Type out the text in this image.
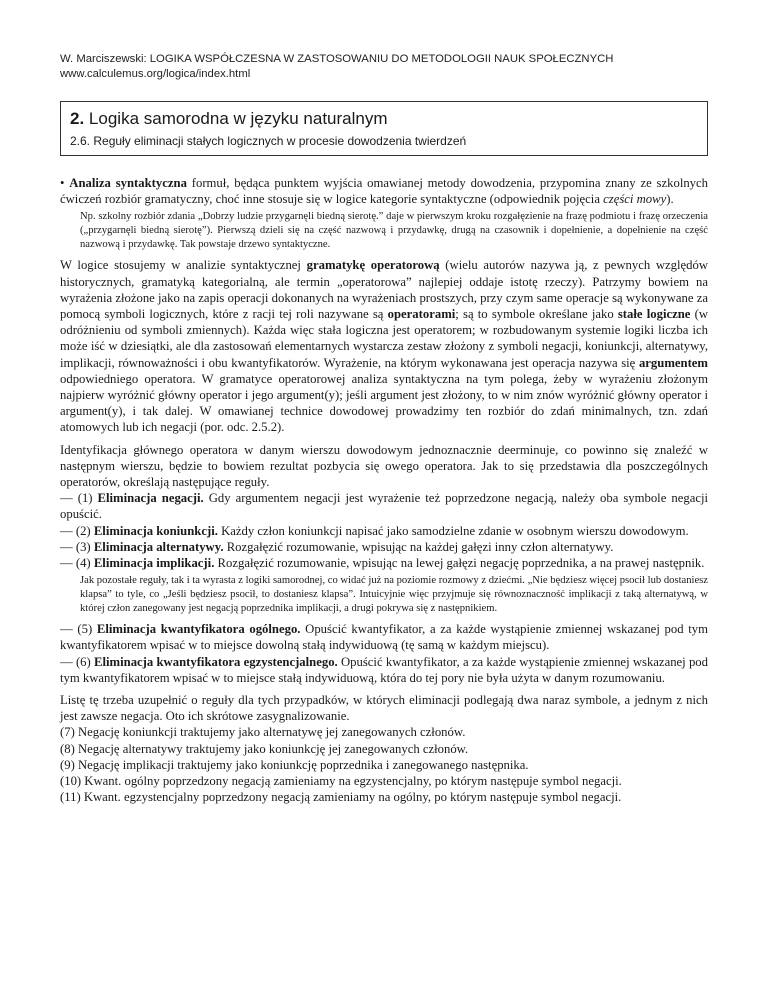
W. Marciszewski: LOGIKA WSPÓŁCZESNA W ZASTOSOWANIU DO METODOLOGII NAUK SPOŁECZNYCH
www.calculemus.org/logica/index.html
2. Logika samorodna w języku naturalnym
2.6. Reguły eliminacji stałych logicznych w procesie dowodzenia twierdzeń

• Analiza syntaktyczna formuł, będąca punktem wyjścia omawianej metody dowodzenia, przypomina znany ze szkolnych ćwiczeń rozbiór gramatyczny, choć inne stosuje się w logice kategorie syntaktyczne (odpowiednik pojęcia części mowy).

Np. szkolny rozbiór zdania „Dobrzy ludzie przygarnęli biedną sierotę.” daje w pierwszym kroku rozgałęzienie na frazę podmiotu i frazę orzeczenia („przygarnęli biedną sierotę”). Pierwszą dzieli się na część nazwową i przydawkę, drugą na czasownik i dopełnienie, a dopełnienie na część nazwową i przydawkę. Tak powstaje drzewo syntaktyczne.

W logice stosujemy w analizie syntaktycznej gramatykę operatorową (wielu autorów nazywa ją, z pewnych względów historycznych, gramatyką kategorialną, ale termin „operatorowa” najlepiej oddaje istotę rzeczy). Patrzymy bowiem na wyrażenia złożone jako na zapis operacji dokonanych na wyrażeniach prostszych, przy czym same operacje są wykonywane za pomocą symboli logicznych, które z racji tej roli nazywane są operatorami; są to symbole określane jako stałe logiczne (w odróżnieniu od symboli zmiennych). Każda więc stała logiczna jest operatorem; w rozbudowanym systemie logiki liczba ich może iść w dziesiątki, ale dla zastosowań elementarnych wystarcza zestaw złożony z symboli negacji, koniunkcji, alternatywy, implikacji, równoważności i obu kwantyfikatorów. Wyrażenie, na którym wykonawana jest operacja nazywa się argumentem odpowiedniego operatora. W gramatyce operatorowej analiza syntaktyczna na tym polega, żeby w wyrażeniu złożonym najpierw wyróżnić główny operator i jego argument(y); jeśli argument jest złożony, to w nim znów wyróżnić główny operator i argument(y), i tak dalej. W omawianej technice dowodowej prowadzimy ten rozbiór do zdań minimalnych, tzn. zdań atomowych lub ich negacji (por. odc. 2.5.2).

Identyfikacja głównego operatora w danym wierszu dowodowym jednoznacznie deerminuje, co powinno się znaleźć w następnym wierszu, będzie to bowiem rezultat pozbycia się owego operatora. Jak to się przedstawia dla poszczególnych operatorów, określają następujące reguły.

— (1) Eliminacja negacji. Gdy argumentem negacji jest wyrażenie też poprzedzone negacją, należy oba symbole negacji opuścić.

— (2) Eliminacja koniunkcji. Każdy człon koniunkcji napisać jako samodzielne zdanie w osobnym wierszu dowodowym.

— (3) Eliminacja alternatywy. Rozgałęzić rozumowanie, wpisując na każdej gałęzi inny człon alternatywy.

— (4) Eliminacja implikacji. Rozgałęzić rozumowanie, wpisując na lewej gałęzi negację poprzednika, a na prawej następnik.

Jak pozostałe reguły, tak i ta wyrasta z logiki samorodnej, co widać już na poziomie rozmowy z dziećmi. „Nie będziesz więcej psocił lub dostaniesz klapsa” to tyle, co „Jeśli będziesz psocił, to dostaniesz klapsa”. Intuicyjnie więc przyjmuje się równoznaczność implikacji z taką alternatywą, w której człon zanegowany jest negacją poprzednika implikacji, a drugi pokrywa się z następnikiem.

— (5) Eliminacja kwantyfikatora ogólnego. Opuścić kwantyfikator, a za każde wystąpienie zmiennej wskazanej pod tym kwantyfikatorem wpisać w to miejsce dowolną stałą indywiduową (tę samą w każdym miejscu).

— (6) Eliminacja kwantyfikatora egzystencjalnego. Opuścić kwantyfikator, a za każde wystąpienie zmiennej wskazanej pod tym kwantyfikatorem wpisać w to miejsce stałą indywiduową, która do tej pory nie była użyta w danym rozumowaniu.

Listę tę trzeba uzupełnić o reguły dla tych przypadków, w których eliminacji podlegają dwa naraz symbole, a jednym z nich jest zawsze negacja. Oto ich skrótowe zasygnalizowanie.

(7) Negację koniunkcji traktujemy jako alternatywę jej zanegowanych członów.

(8) Negację alternatywy traktujemy jako koniunkcję jej zanegowanych członów.

(9) Negację implikacji traktujemy jako koniunkcję poprzednika i zanegowanego następnika.

(10) Kwant. ogólny poprzedzony negacją zamieniamy na egzystencjalny, po którym następuje symbol negacji.

(11) Kwant. egzystencjalny poprzedzony negacją zamieniamy na ogólny, po którym następuje symbol negacji.
